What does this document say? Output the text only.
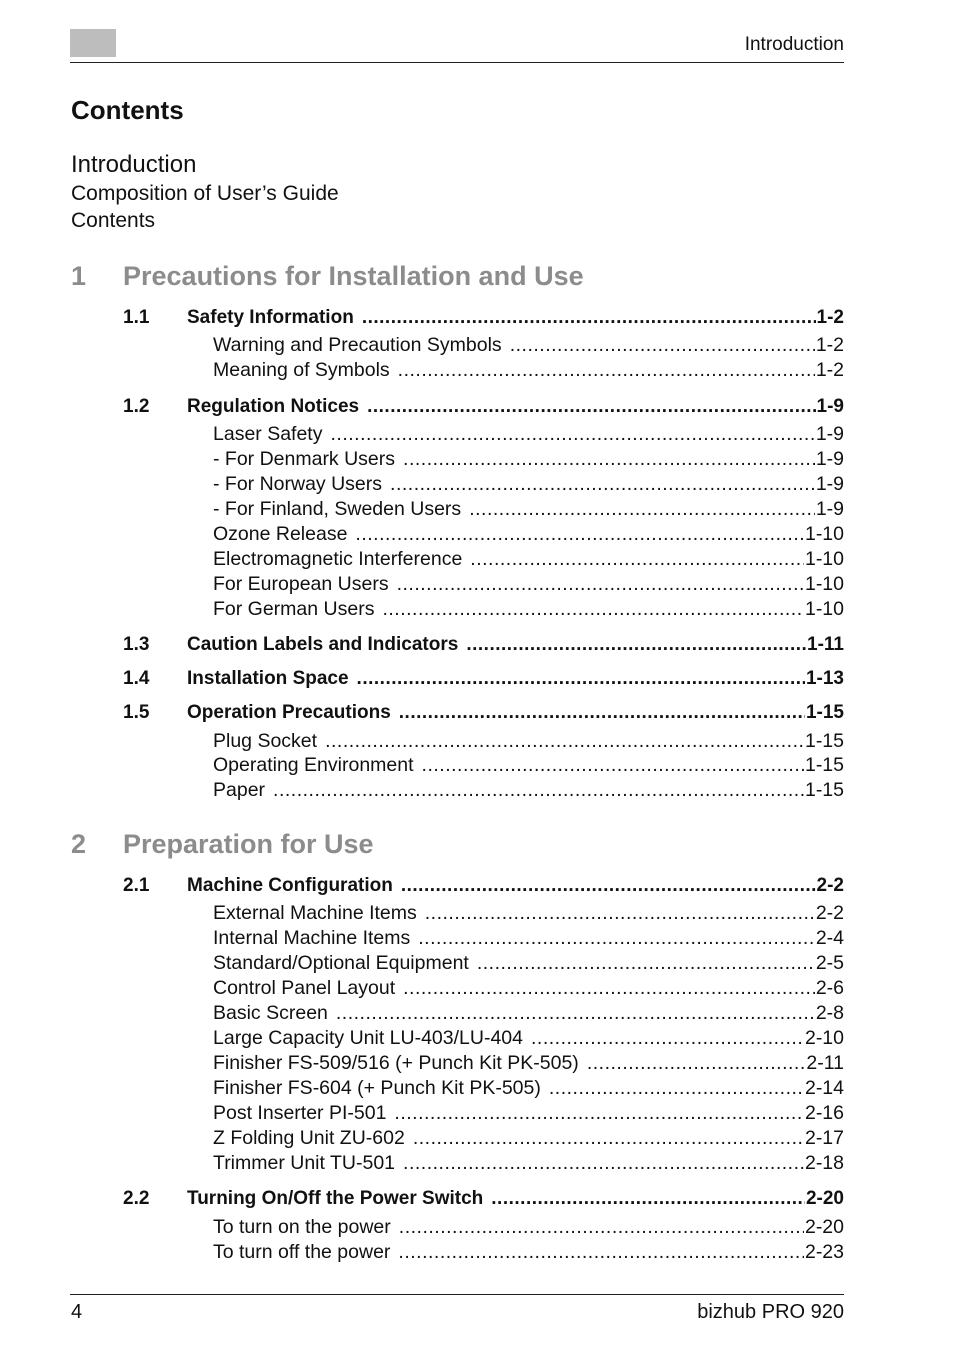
Introduction
Contents

Introduction

Composition of User’s Guide

Contents

1 Precautions for Installation and Use
1.1	Safety Information .....	1-2
Warning and Precaution Symbols .....	1-2
Meaning of Symbols .....	1-2
1.2	Regulation Notices .....	1-9
Laser Safety .....	1-9
- For Denmark Users .....	1-9
- For Norway Users .....	1-9
- For Finland, Sweden Users .....	1-9
Ozone Release .....	1-10
Electromagnetic Interference .....	1-10
For European Users .....	1-10
For German Users .....	1-10
1.3	Caution Labels and Indicators .....	1-11
1.4	Installation Space .....	1-13
1.5	Operation Precautions .....	1-15
Plug Socket .....	1-15
Operating Environment .....	1-15
Paper .....	1-15
2 Preparation for Use
2.1	Machine Configuration .....	2-2
External Machine Items .....	2-2
Internal Machine Items .....	2-4
Standard/Optional Equipment .....	2-5
Control Panel Layout .....	2-6
Basic Screen .....	2-8
Large Capacity Unit LU-403/LU-404 .....	2-10
Finisher FS-509/516 (+ Punch Kit PK-505) .....	2-11
Finisher FS-604 (+ Punch Kit PK-505) .....	2-14
Post Inserter PI-501 .....	2-16
Z Folding Unit ZU-602 .....	2-17
Trimmer Unit TU-501 .....	2-18
2.2	Turning On/Off the Power Switch .....	2-20
To turn on the power .....	2-20
To turn off the power .....	2-23
4	bizhub PRO 920
